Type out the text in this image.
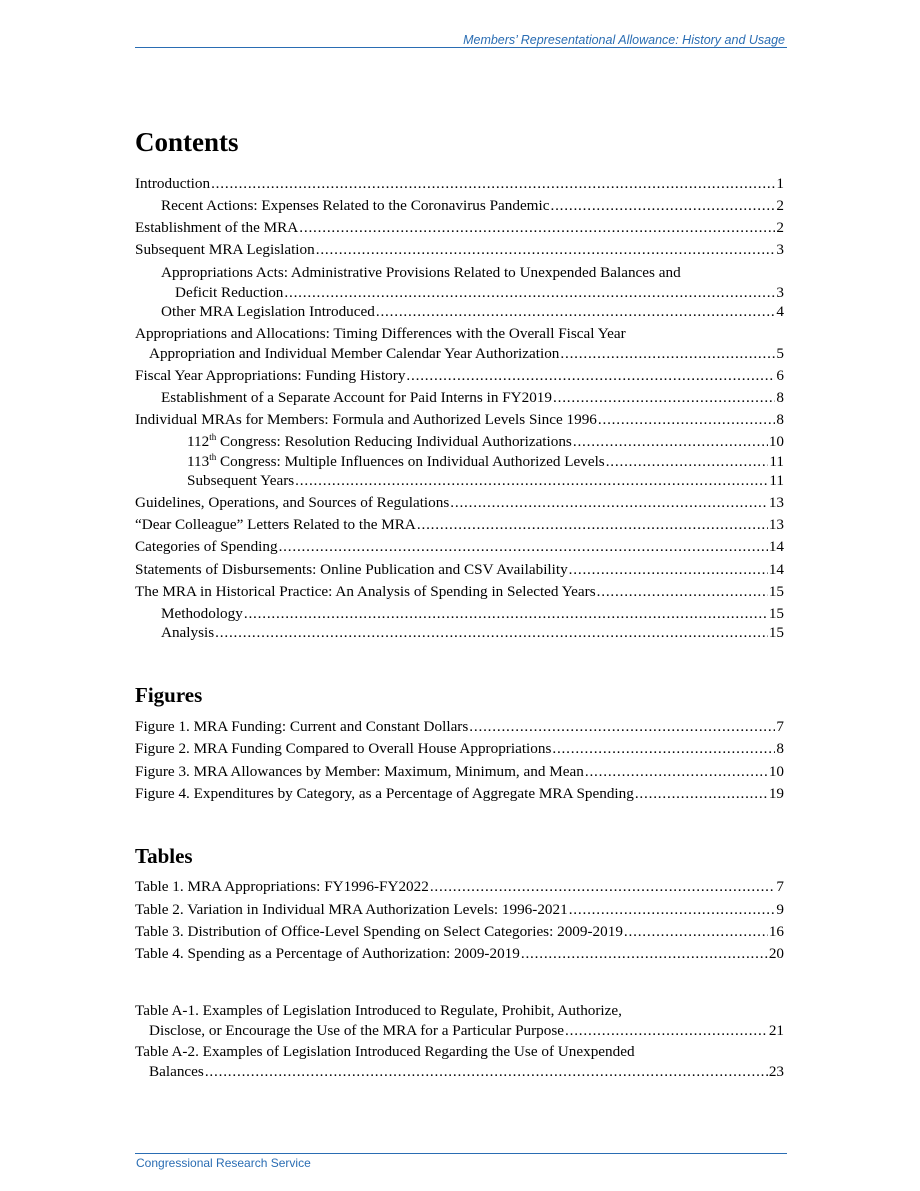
Members’ Representational Allowance: History and Usage
Contents
Introduction . . .	1
Recent Actions: Expenses Related to the Coronavirus Pandemic . . .	2
Establishment of the MRA . . .	2
Subsequent MRA Legislation . . .	3
Appropriations Acts: Administrative Provisions Related to Unexpended Balances and
Deficit Reduction . . .	3
Other MRA Legislation Introduced . . .	4
Appropriations and Allocations: Timing Differences with the Overall Fiscal Year
Appropriation and Individual Member Calendar Year Authorization . . .	5
Fiscal Year Appropriations: Funding History . . .	6
Establishment of a Separate Account for Paid Interns in FY2019 . . .	8
Individual MRAs for Members: Formula and Authorized Levels Since 1996 . . .	8
112th Congress: Resolution Reducing Individual Authorizations . . .	10
113th Congress: Multiple Influences on Individual Authorized Levels . . .	11
Subsequent Years . . .	11
Guidelines, Operations, and Sources of Regulations . . .	13
“Dear Colleague” Letters Related to the MRA . . .	13
Categories of Spending . . .	14
Statements of Disbursements: Online Publication and CSV Availability . . .	14
The MRA in Historical Practice: An Analysis of Spending in Selected Years . . .	15
Methodology . . .	15
Analysis . . .	15
Figures
Figure 1. MRA Funding: Current and Constant Dollars . . .	7
Figure 2. MRA Funding Compared to Overall House Appropriations . . .	8
Figure 3. MRA Allowances by Member: Maximum, Minimum, and Mean . . .	10
Figure 4. Expenditures by Category, as a Percentage of Aggregate MRA Spending . . .	19
Tables
Table 1. MRA Appropriations: FY1996-FY2022 . . .	7
Table 2. Variation in Individual MRA Authorization Levels: 1996-2021 . . .	9
Table 3. Distribution of Office-Level Spending on Select Categories: 2009-2019 . . .	16
Table 4. Spending as a Percentage of Authorization: 2009-2019 . . .	20
Table A-1. Examples of Legislation Introduced to Regulate, Prohibit, Authorize,
Disclose, or Encourage the Use of the MRA for a Particular Purpose . . .	21
Table A-2. Examples of Legislation Introduced Regarding the Use of Unexpended
Balances . . .	23
Congressional Research Service
